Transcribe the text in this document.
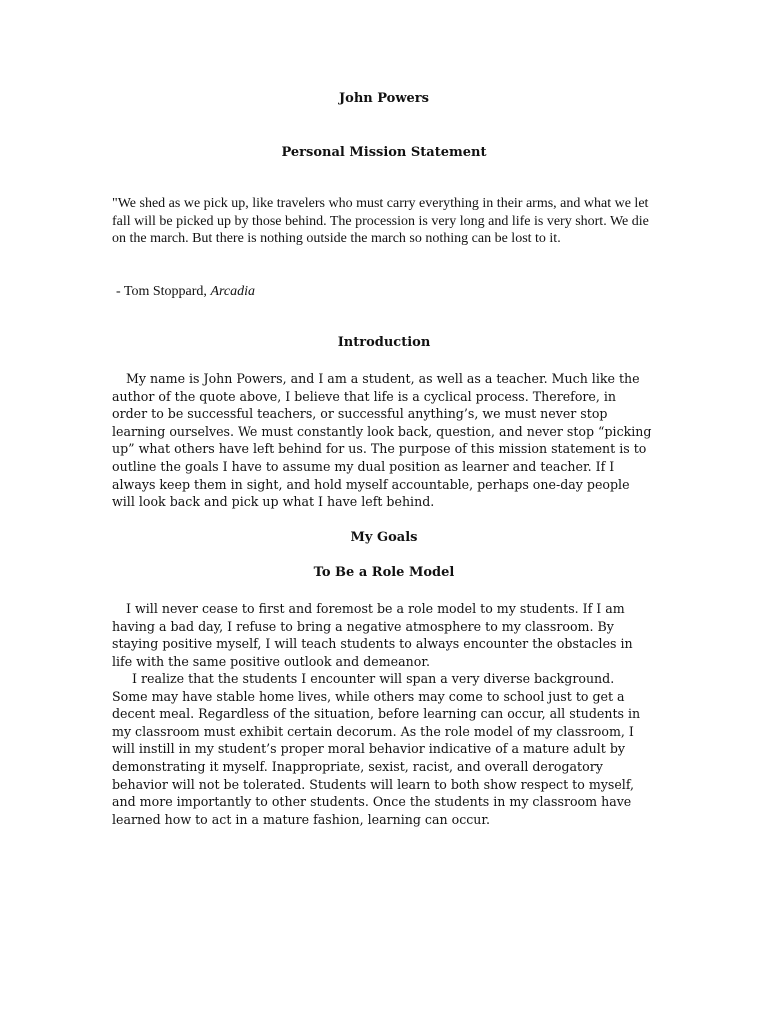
John Powers
Personal Mission Statement

"We shed as we pick up, like travelers who must carry everything in their arms, and what we let fall will be picked up by those behind. The procession is very long and life is very short. We die on the march. But there is nothing outside the march so nothing can be lost to it.

- Tom Stoppard, Arcadia

Introduction

My name is John Powers, and I am a student, as well as a teacher. Much like the author of the quote above, I believe that life is a cyclical process. Therefore, in order to be successful teachers, or successful anything’s, we must never stop learning ourselves. We must constantly look back, question, and never stop “picking up” what others have left behind for us. The purpose of this mission statement is to outline the goals I have to assume my dual position as learner and teacher. If I always keep them in sight, and hold myself accountable, perhaps one-day people will look back and pick up what I have left behind.

My Goals
To Be a Role Model

I will never cease to first and foremost be a role model to my students. If I am having a bad day, I refuse to bring a negative atmosphere to my classroom. By staying positive myself, I will teach students to always encounter the obstacles in life with the same positive outlook and demeanor.

I realize that the students I encounter will span a very diverse background. Some may have stable home lives, while others may come to school just to get a decent meal. Regardless of the situation, before learning can occur, all students in my classroom must exhibit certain decorum. As the role model of my classroom, I will instill in my student’s proper moral behavior indicative of a mature adult by demonstrating it myself. Inappropriate, sexist, racist, and overall derogatory behavior will not be tolerated. Students will learn to both show respect to myself, and more importantly to other students. Once the students in my classroom have learned how to act in a mature fashion, learning can occur.
